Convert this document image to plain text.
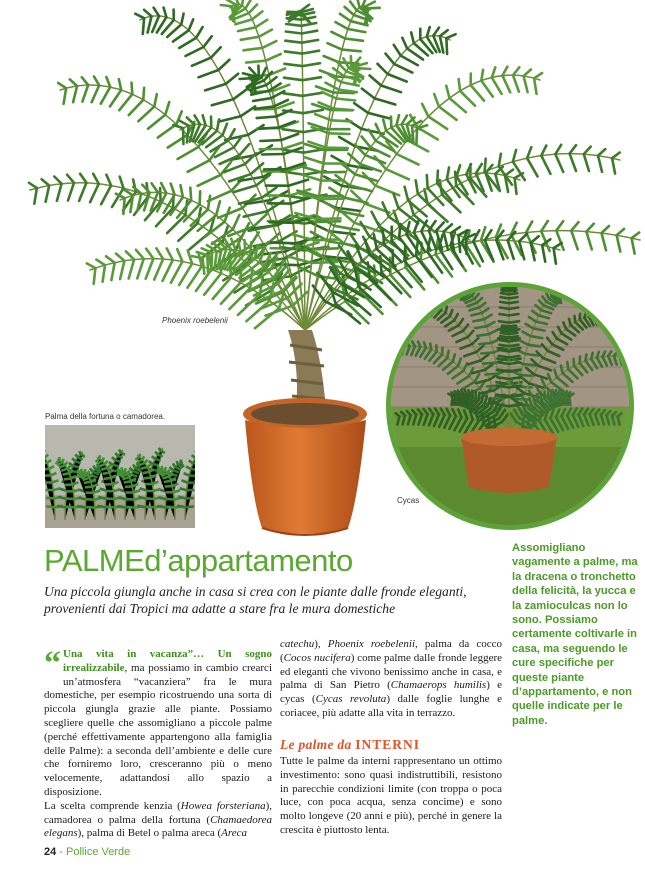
Phoenix roebelenii
Palma della fortuna o camadorea.
Cycas
PALMEd’appartamento
Una piccola giungla anche in casa si crea con le piante dalle fronde eleganti, provenienti dai Tropici ma adatte a stare fra le mura domestiche
Assomigliano vagamente a palme, ma la dracena o tronchetto della felicità, la yucca e la zamioculcas non lo sono. Possiamo certamente coltivarle in casa, ma seguendo le cure specifiche per queste piante d’appartamento, e non quelle indicate per le palme.

“ Una vita in vacanza”… Un sogno irrealizzabile, ma possiamo in cambio crearci un’atmosfera “vacanziera” fra le mura domestiche, per esempio ricostruendo una sorta di piccola giungla grazie alle piante. Possiamo scegliere quelle che assomigliano a piccole palme (perché effettivamente appartengono alla famiglia delle Palme): a seconda dell’ambiente e delle cure che forniremo loro, cresceranno più o meno velocemente, adattandosi allo spazio a disposizione.

La scelta comprende kenzia (Howea forsteriana), camadorea o palma della fortuna (Chamaedorea elegans), palma di Betel o palma areca (Areca

catechu), Phoenix roebelenii, palma da cocco (Cocos nucifera) come palme dalle fronde leggere ed eleganti che vivono benissimo anche in casa, e palma di San Pietro (Chamaerops humilis) e cycas (Cycas revoluta) dalle foglie lunghe e coriacee, più adatte alla vita in terrazzo.

Le palme da INTERNI

Tutte le palme da interni rappresentano un ottimo investimento: sono quasi indistruttibili, resistono in parecchie condizioni limite (con troppa o poca luce, con poca acqua, senza concime) e sono molto longeve (20 anni e più), perché in genere la crescita è piuttosto lenta.

24 - Pollice Verde
